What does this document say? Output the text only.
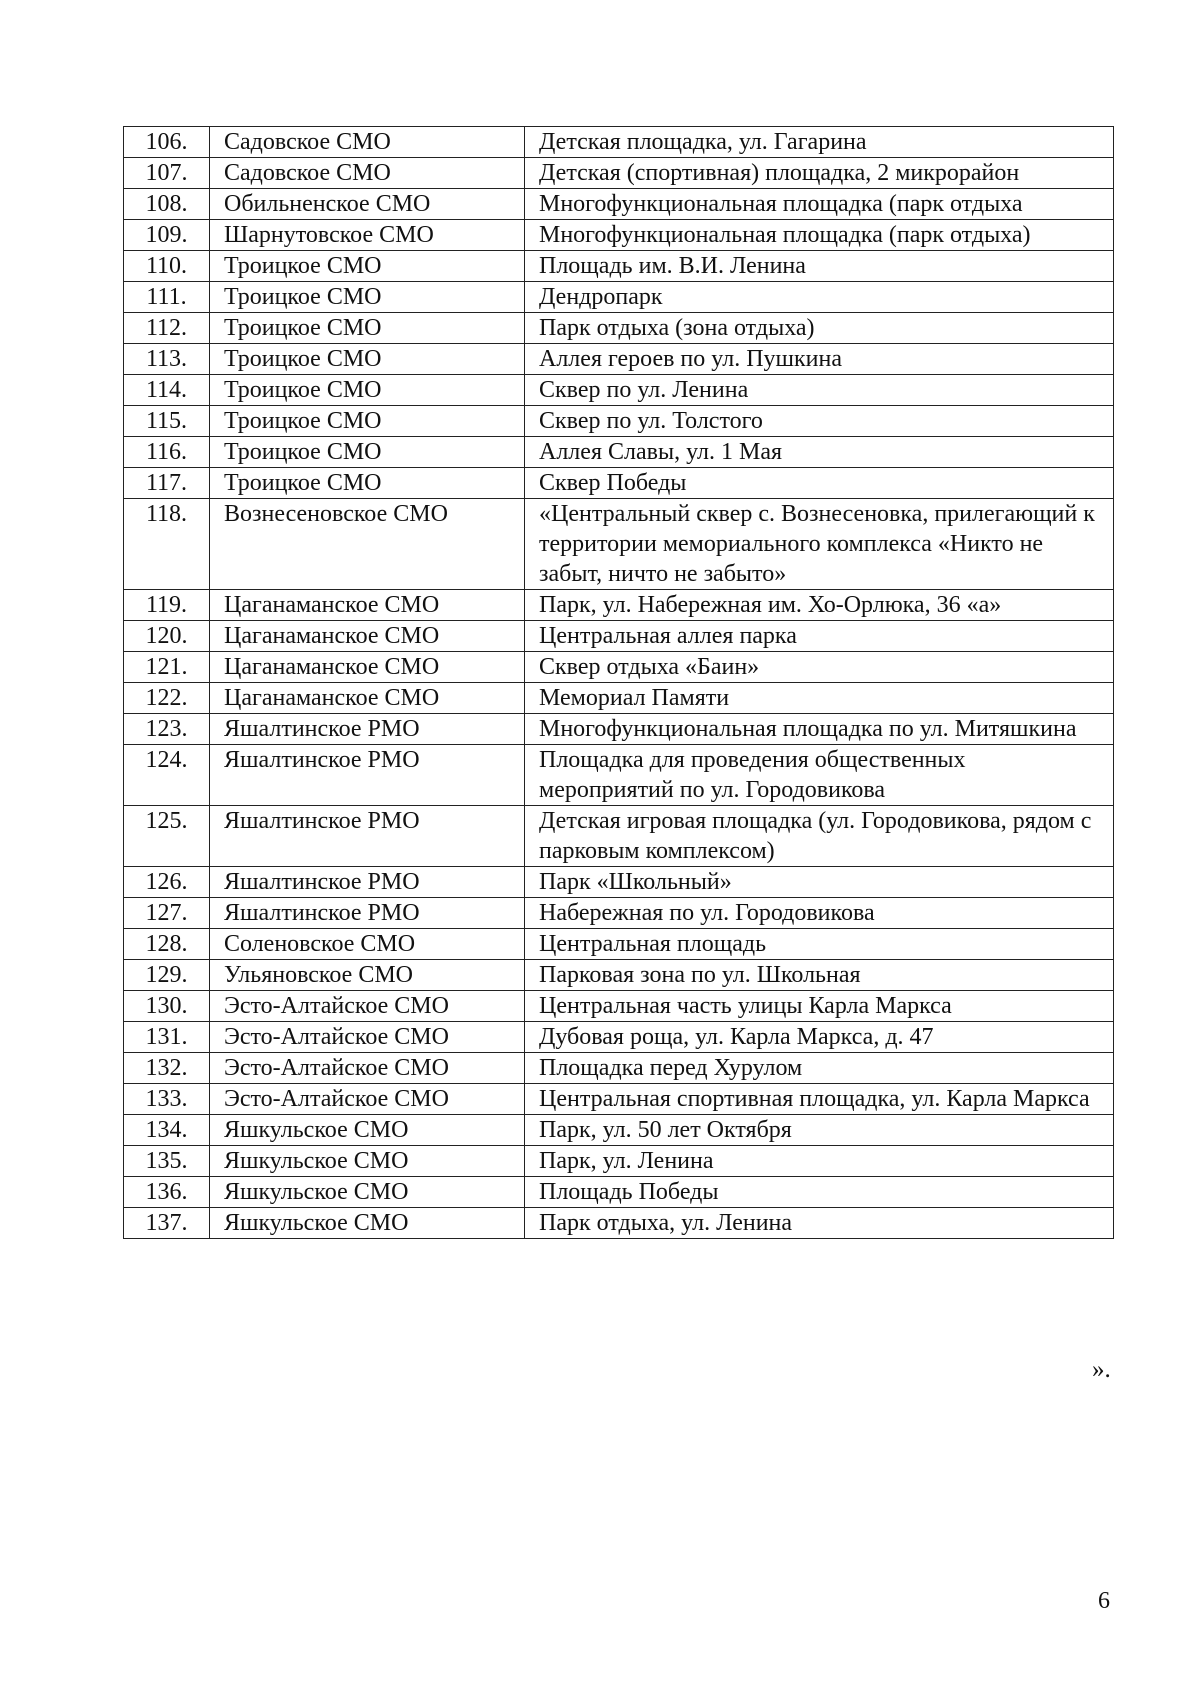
106.	Садовское СМО	Детская площадка, ул. Гагарина
107.	Садовское СМО	Детская (спортивная) площадка, 2 микрорайон
108.	Обильненское СМО	Многофункциональная площадка (парк отдыха
109.	Шарнутовское СМО	Многофункциональная площадка (парк отдыха)
110.	Троицкое СМО	Площадь им. В.И. Ленина
111.	Троицкое СМО	Дендропарк
112.	Троицкое СМО	Парк отдыха (зона отдыха)
113.	Троицкое СМО	Аллея героев по ул. Пушкина
114.	Троицкое СМО	Сквер по ул. Ленина
115.	Троицкое СМО	Сквер по ул. Толстого
116.	Троицкое СМО	Аллея Славы, ул. 1 Мая
117.	Троицкое СМО	Сквер Победы
118.	Вознесеновское СМО	«Центральный сквер с. Вознесеновка, прилегающий к территории мемориального комплекса «Никто не забыт, ничто не забыто»
119.	Цаганаманское СМО	Парк, ул. Набережная им. Хо-Орлюка, 36 «а»
120.	Цаганаманское СМО	Центральная аллея парка
121.	Цаганаманское СМО	Сквер отдыха «Баин»
122.	Цаганаманское СМО	Мемориал Памяти
123.	Яшалтинское РМО	Многофункциональная площадка по ул. Митяшкина
124.	Яшалтинское РМО	Площадка для проведения общественных мероприятий по ул. Городовикова
125.	Яшалтинское РМО	Детская игровая площадка (ул. Городовикова, рядом с парковым комплексом)
126.	Яшалтинское РМО	Парк «Школьный»
127.	Яшалтинское РМО	Набережная по ул. Городовикова
128.	Соленовское СМО	Центральная площадь
129.	Ульяновское СМО	Парковая зона по ул. Школьная
130.	Эсто-Алтайское СМО	Центральная часть улицы Карла Маркса
131.	Эсто-Алтайское СМО	Дубовая роща, ул. Карла Маркса, д. 47
132.	Эсто-Алтайское СМО	Площадка перед Хурулом
133.	Эсто-Алтайское СМО	Центральная спортивная площадка, ул. Карла Маркса
134.	Яшкульское СМО	Парк, ул. 50 лет Октября
135.	Яшкульское СМО	Парк, ул. Ленина
136.	Яшкульское СМО	Площадь Победы
137.	Яшкульское СМО	Парк отдыха, ул. Ленина
».
6
